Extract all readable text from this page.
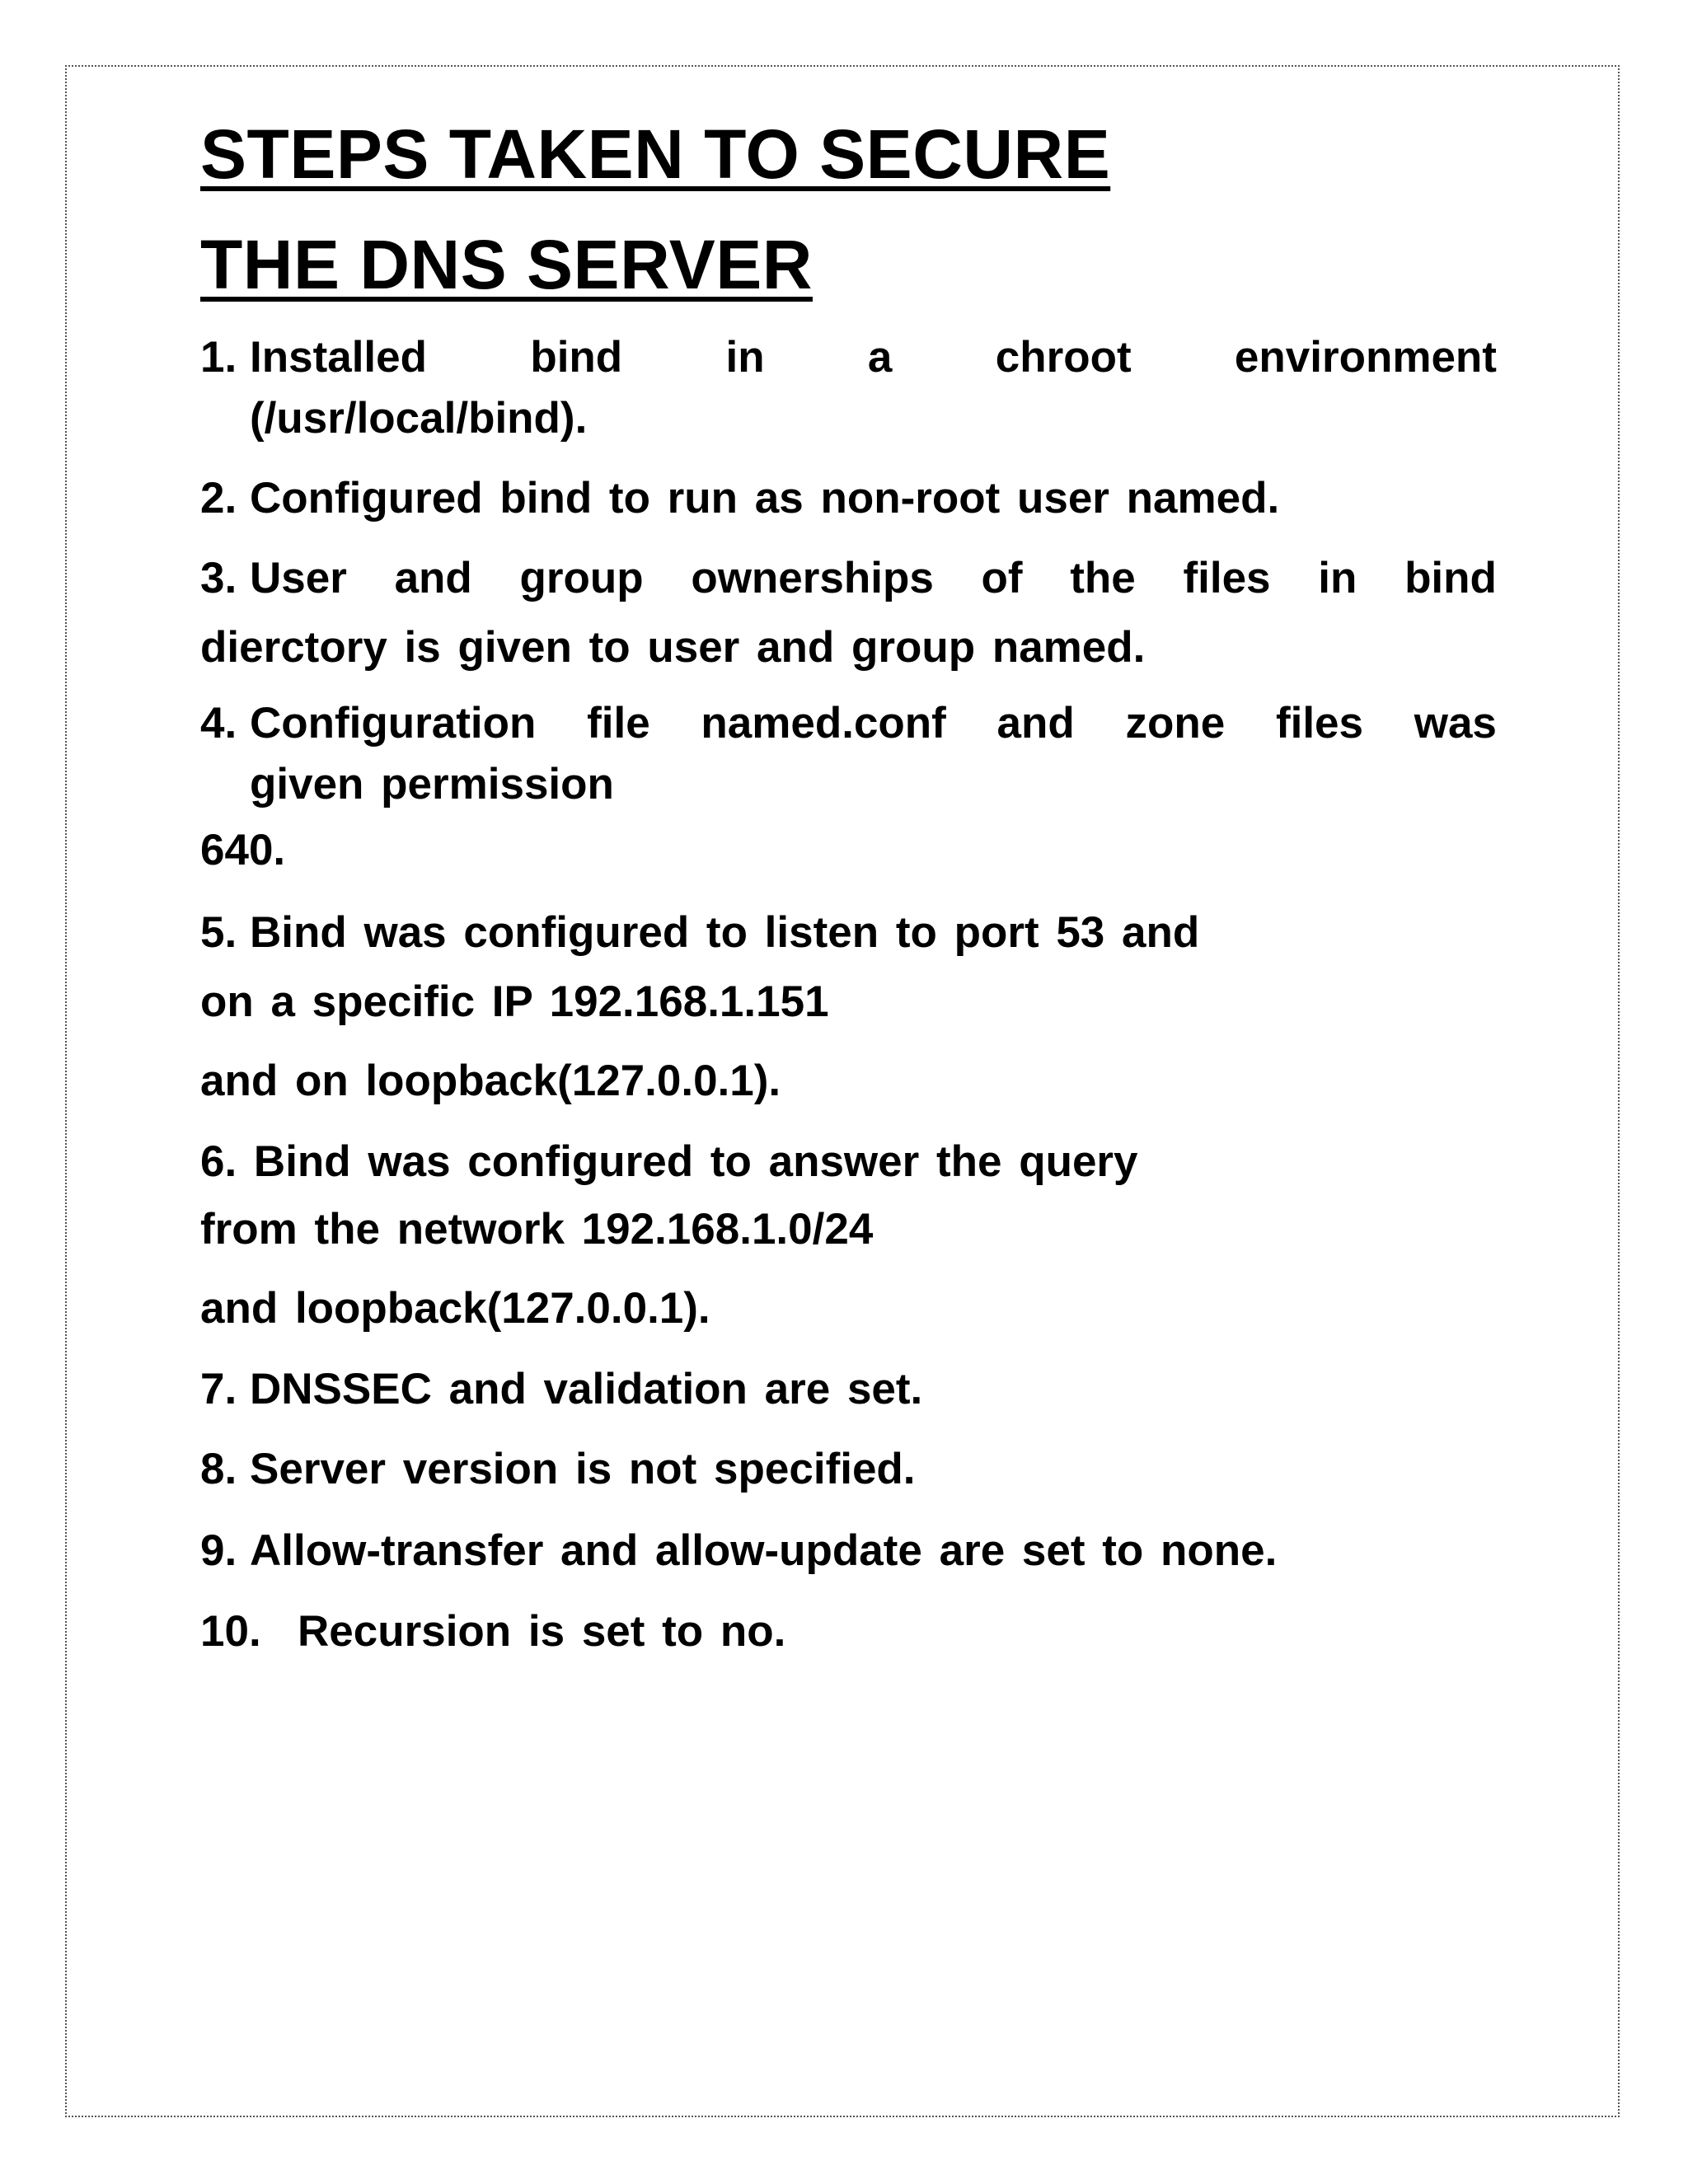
STEPS TAKEN TO SECURE
THE DNS SERVER
1. Installed bind in a chroot environment
(/usr/local/bind).
2. Configured bind to run as non-root user named.
3. User and group ownerships of the files in bind
dierctory is given to user and group named.
4. Configuration file named.conf and zone files was
given permission
640.
5. Bind was configured to listen to port 53 and
on a specific IP 192.168.1.151
and on loopback(127.0.0.1).
6. Bind was configured to answer the query
from the network 192.168.1.0/24
and loopback(127.0.0.1).
7. DNSSEC and validation are set.
8. Server version is not specified.
9. Allow-transfer and allow-update are set to none.
10. Recursion is set to no.
